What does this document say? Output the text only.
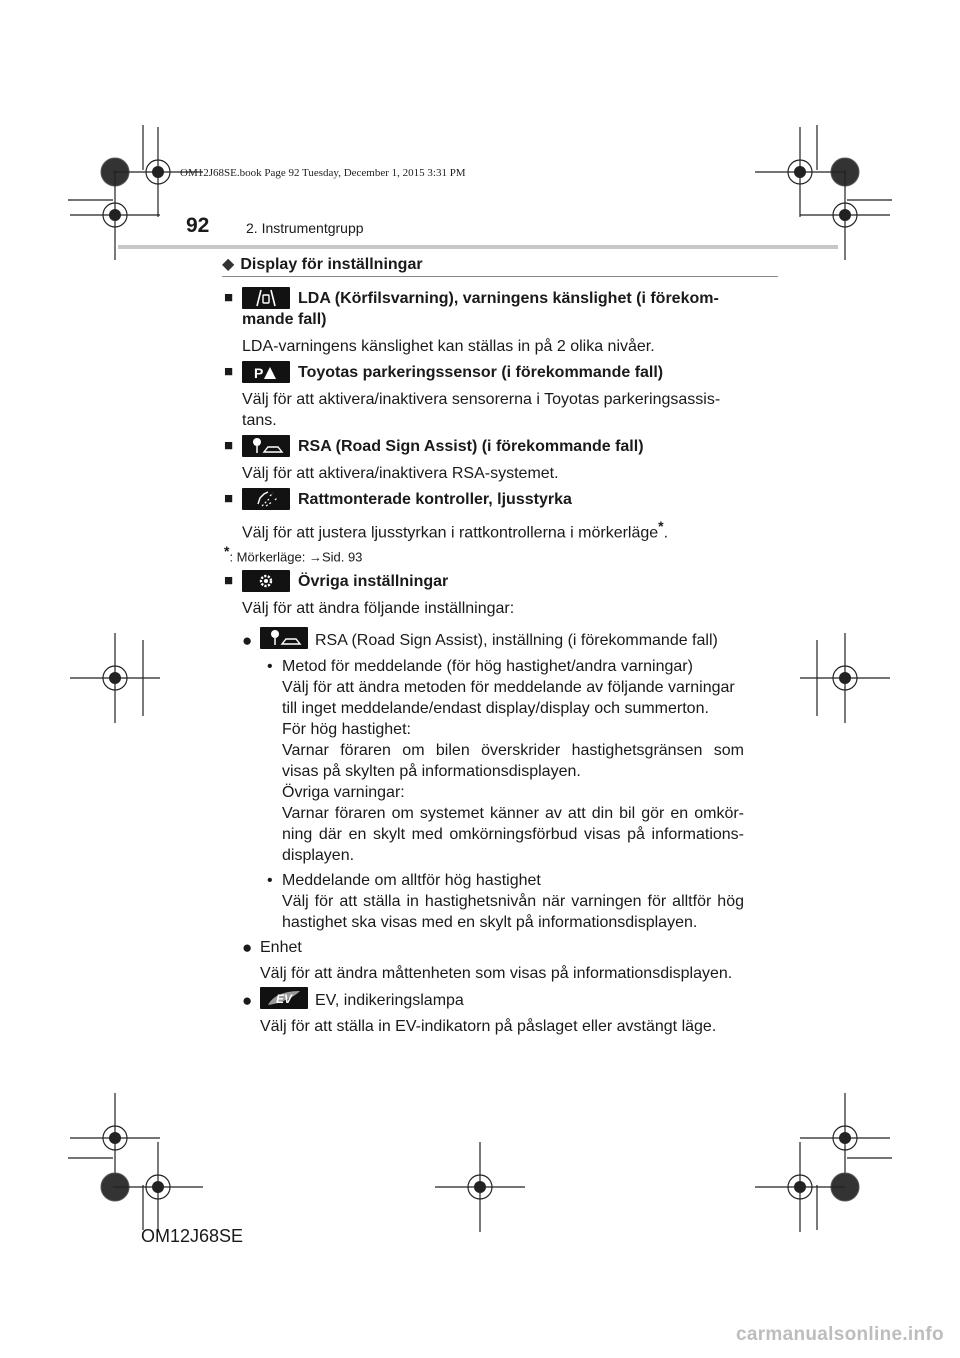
OM12J68SE.book Page 92 Tuesday, December 1, 2015 3:31 PM
92	2. Instrumentgrupp
◆ Display för inställningar
■	LDA (Körfilsvarning), varningens känslighet (i förekom-
mande fall)
LDA-varningens känslighet kan ställas in på 2 olika nivåer.
■ P Toyotas parkeringssensor (i förekommande fall)
Välj för att aktivera/inaktivera sensorerna i Toyotas parkeringsassis-
tans.
■	RSA (Road Sign Assist) (i förekommande fall)
Välj för att aktivera/inaktivera RSA-systemet.
■	Rattmonterade kontroller, ljusstyrka
Välj för att justera ljusstyrkan i rattkontrollerna i mörkerläge*.
*: Mörkerläge: →Sid. 93
■	Övriga inställningar
Välj för att ändra följande inställningar:
●	RSA (Road Sign Assist), inställning (i förekommande fall)
• Metod för meddelande (för hög hastighet/andra varningar)
Välj för att ändra metoden för meddelande av följande varningar
till inget meddelande/endast display/display och summerton.
För hög hastighet:
Varnar föraren om bilen överskrider hastighetsgränsen som
visas på skylten på informationsdisplayen.
Övriga varningar:
Varnar föraren om systemet känner av att din bil gör en omkör-
ning där en skylt med omkörningsförbud visas på informations-
displayen.
• Meddelande om alltför hög hastighet
Välj för att ställa in hastighetsnivån när varningen för alltför hög
hastighet ska visas med en skylt på informationsdisplayen.
● Enhet
Välj för att ändra måttenheten som visas på informationsdisplayen.
● EV EV, indikeringslampa
Välj för att ställa in EV-indikatorn på påslaget eller avstängt läge.
OM12J68SE
carmanualsonline.info
